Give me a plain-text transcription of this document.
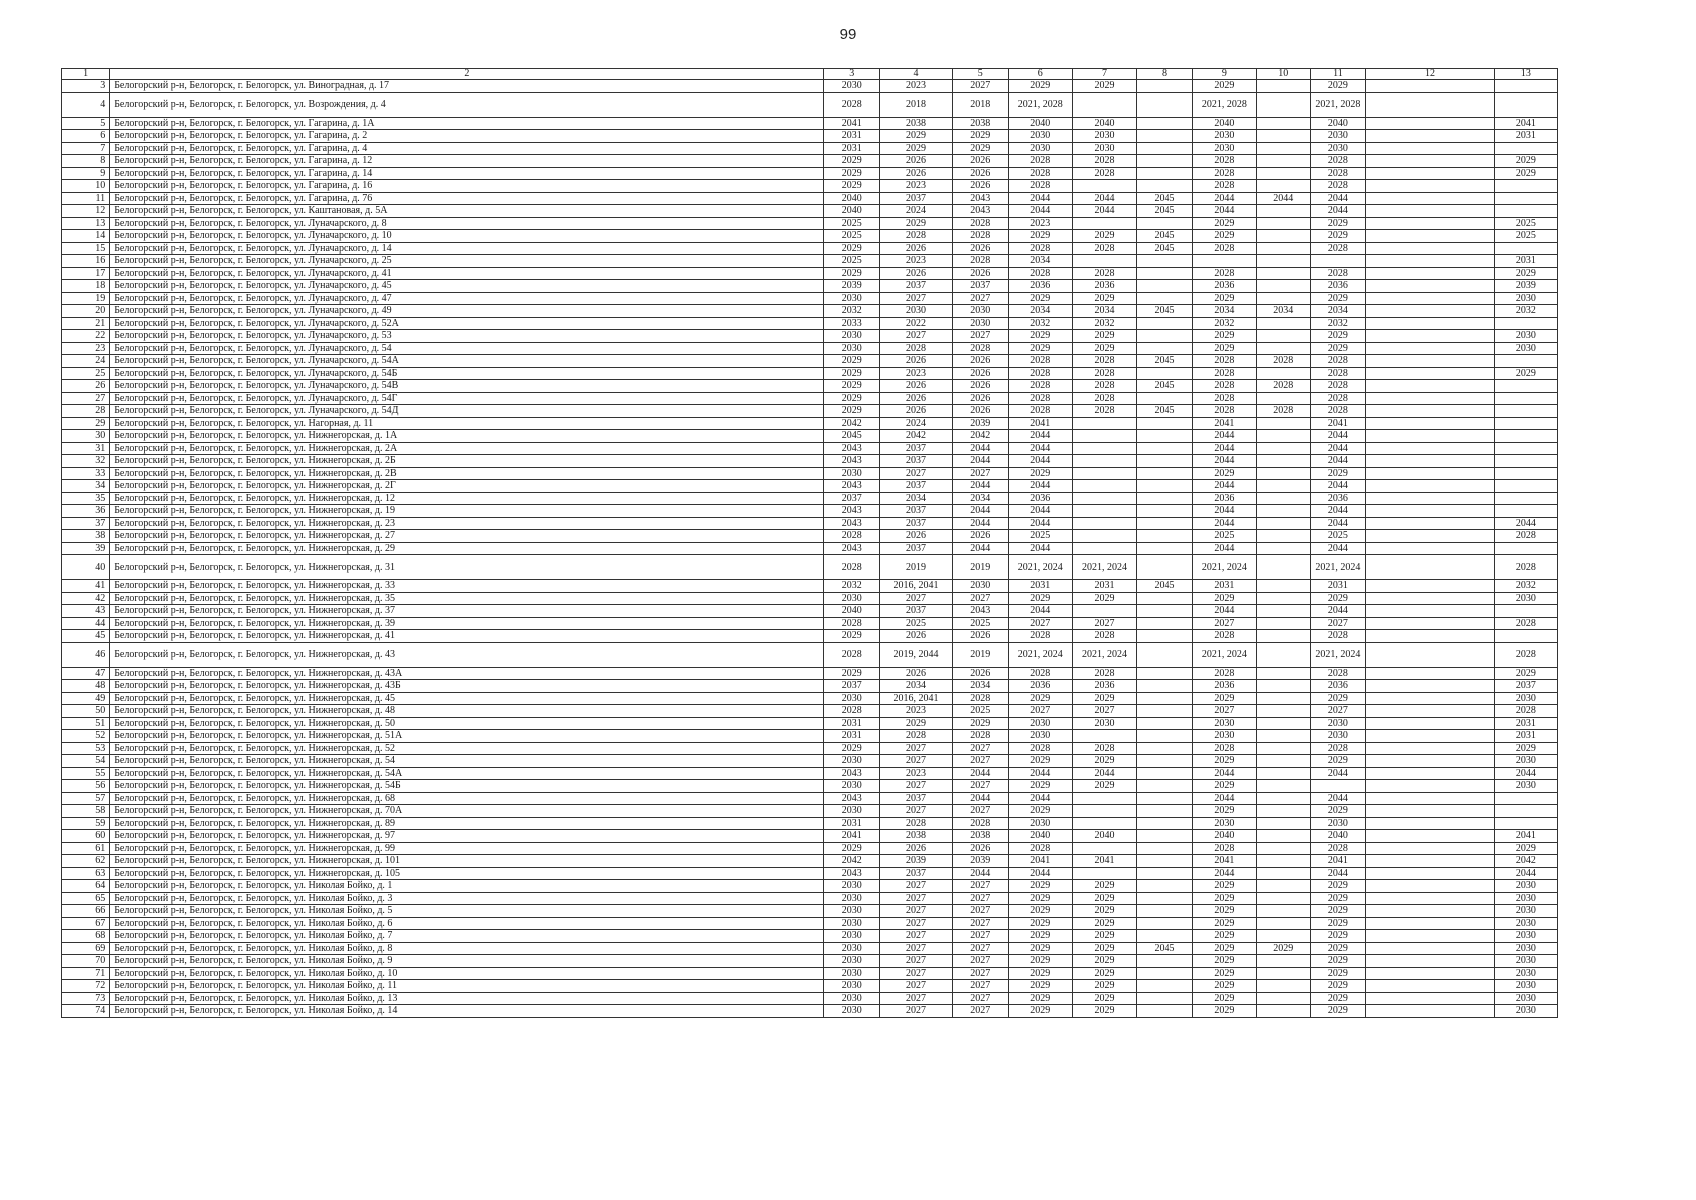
99
1	2	3	4	5	6	7	8	9	10	11	12	13
3	Белогорский р-н, Белогорск, г. Белогорск, ул. Виноградная, д. 17	2030	2023	2027	2029	2029		2029		2029		
4	Белогорский р-н, Белогорск, г. Белогорск, ул. Возрождения, д. 4	2028	2018	2018	2021, 2028			2021, 2028		2021, 2028		
5	Белогорский р-н, Белогорск, г. Белогорск, ул. Гагарина, д. 1А	2041	2038	2038	2040	2040		2040		2040		2041
6	Белогорский р-н, Белогорск, г. Белогорск, ул. Гагарина, д. 2	2031	2029	2029	2030	2030		2030		2030		2031
7	Белогорский р-н, Белогорск, г. Белогорск, ул. Гагарина, д. 4	2031	2029	2029	2030	2030		2030		2030		
8	Белогорский р-н, Белогорск, г. Белогорск, ул. Гагарина, д. 12	2029	2026	2026	2028	2028		2028		2028		2029
9	Белогорский р-н, Белогорск, г. Белогорск, ул. Гагарина, д. 14	2029	2026	2026	2028	2028		2028		2028		2029
10	Белогорский р-н, Белогорск, г. Белогорск, ул. Гагарина, д. 16	2029	2023	2026	2028			2028		2028		
11	Белогорский р-н, Белогорск, г. Белогорск, ул. Гагарина, д. 76	2040	2037	2043	2044	2044	2045	2044	2044	2044		
12	Белогорский р-н, Белогорск, г. Белогорск, ул. Каштановая, д. 5А	2040	2024	2043	2044	2044	2045	2044		2044		
13	Белогорский р-н, Белогорск, г. Белогорск, ул. Луначарского, д. 8	2025	2029	2028	2023			2029		2029		2025
14	Белогорский р-н, Белогорск, г. Белогорск, ул. Луначарского, д. 10	2025	2028	2028	2029	2029	2045	2029		2029		2025
15	Белогорский р-н, Белогорск, г. Белогорск, ул. Луначарского, д. 14	2029	2026	2026	2028	2028	2045	2028		2028		
16	Белогорский р-н, Белогорск, г. Белогорск, ул. Луначарского, д. 25	2025	2023	2028	2034							2031
17	Белогорский р-н, Белогорск, г. Белогорск, ул. Луначарского, д. 41	2029	2026	2026	2028	2028		2028		2028		2029
18	Белогорский р-н, Белогорск, г. Белогорск, ул. Луначарского, д. 45	2039	2037	2037	2036	2036		2036		2036		2039
19	Белогорский р-н, Белогорск, г. Белогорск, ул. Луначарского, д. 47	2030	2027	2027	2029	2029		2029		2029		2030
20	Белогорский р-н, Белогорск, г. Белогорск, ул. Луначарского, д. 49	2032	2030	2030	2034	2034	2045	2034	2034	2034		2032
21	Белогорский р-н, Белогорск, г. Белогорск, ул. Луначарского, д. 52А	2033	2022	2030	2032	2032		2032		2032		
22	Белогорский р-н, Белогорск, г. Белогорск, ул. Луначарского, д. 53	2030	2027	2027	2029	2029		2029		2029		2030
23	Белогорский р-н, Белогорск, г. Белогорск, ул. Луначарского, д. 54	2030	2028	2028	2029	2029		2029		2029		2030
24	Белогорский р-н, Белогорск, г. Белогорск, ул. Луначарского, д. 54А	2029	2026	2026	2028	2028	2045	2028	2028	2028		
25	Белогорский р-н, Белогорск, г. Белогорск, ул. Луначарского, д. 54Б	2029	2023	2026	2028	2028		2028		2028		2029
26	Белогорский р-н, Белогорск, г. Белогорск, ул. Луначарского, д. 54В	2029	2026	2026	2028	2028	2045	2028	2028	2028		
27	Белогорский р-н, Белогорск, г. Белогорск, ул. Луначарского, д. 54Г	2029	2026	2026	2028	2028		2028		2028		
28	Белогорский р-н, Белогорск, г. Белогорск, ул. Луначарского, д. 54Д	2029	2026	2026	2028	2028	2045	2028	2028	2028		
29	Белогорский р-н, Белогорск, г. Белогорск, ул. Нагорная, д. 11	2042	2024	2039	2041			2041		2041		
30	Белогорский р-н, Белогорск, г. Белогорск, ул. Нижнегорская, д. 1А	2045	2042	2042	2044			2044		2044		
31	Белогорский р-н, Белогорск, г. Белогорск, ул. Нижнегорская, д. 2А	2043	2037	2044	2044			2044		2044		
32	Белогорский р-н, Белогорск, г. Белогорск, ул. Нижнегорская, д. 2Б	2043	2037	2044	2044			2044		2044		
33	Белогорский р-н, Белогорск, г. Белогорск, ул. Нижнегорская, д. 2В	2030	2027	2027	2029			2029		2029		
34	Белогорский р-н, Белогорск, г. Белогорск, ул. Нижнегорская, д. 2Г	2043	2037	2044	2044			2044		2044		
35	Белогорский р-н, Белогорск, г. Белогорск, ул. Нижнегорская, д. 12	2037	2034	2034	2036			2036		2036		
36	Белогорский р-н, Белогорск, г. Белогорск, ул. Нижнегорская, д. 19	2043	2037	2044	2044			2044		2044		
37	Белогорский р-н, Белогорск, г. Белогорск, ул. Нижнегорская, д. 23	2043	2037	2044	2044			2044		2044		2044
38	Белогорский р-н, Белогорск, г. Белогорск, ул. Нижнегорская, д. 27	2028	2026	2026	2025			2025		2025		2028
39	Белогорский р-н, Белогорск, г. Белогорск, ул. Нижнегорская, д. 29	2043	2037	2044	2044			2044		2044		
40	Белогорский р-н, Белогорск, г. Белогорск, ул. Нижнегорская, д. 31	2028	2019	2019	2021, 2024	2021, 2024		2021, 2024		2021, 2024		2028
41	Белогорский р-н, Белогорск, г. Белогорск, ул. Нижнегорская, д. 33	2032	2016, 2041	2030	2031	2031	2045	2031		2031		2032
42	Белогорский р-н, Белогорск, г. Белогорск, ул. Нижнегорская, д. 35	2030	2027	2027	2029	2029		2029		2029		2030
43	Белогорский р-н, Белогорск, г. Белогорск, ул. Нижнегорская, д. 37	2040	2037	2043	2044			2044		2044		
44	Белогорский р-н, Белогорск, г. Белогорск, ул. Нижнегорская, д. 39	2028	2025	2025	2027	2027		2027		2027		2028
45	Белогорский р-н, Белогорск, г. Белогорск, ул. Нижнегорская, д. 41	2029	2026	2026	2028	2028		2028		2028		
46	Белогорский р-н, Белогорск, г. Белогорск, ул. Нижнегорская, д. 43	2028	2019, 2044	2019	2021, 2024	2021, 2024		2021, 2024		2021, 2024		2028
47	Белогорский р-н, Белогорск, г. Белогорск, ул. Нижнегорская, д. 43А	2029	2026	2026	2028	2028		2028		2028		2029
48	Белогорский р-н, Белогорск, г. Белогорск, ул. Нижнегорская, д. 43Б	2037	2034	2034	2036	2036		2036		2036		2037
49	Белогорский р-н, Белогорск, г. Белогорск, ул. Нижнегорская, д. 45	2030	2016, 2041	2028	2029	2029		2029		2029		2030
50	Белогорский р-н, Белогорск, г. Белогорск, ул. Нижнегорская, д. 48	2028	2023	2025	2027	2027		2027		2027		2028
51	Белогорский р-н, Белогорск, г. Белогорск, ул. Нижнегорская, д. 50	2031	2029	2029	2030	2030		2030		2030		2031
52	Белогорский р-н, Белогорск, г. Белогорск, ул. Нижнегорская, д. 51А	2031	2028	2028	2030			2030		2030		2031
53	Белогорский р-н, Белогорск, г. Белогорск, ул. Нижнегорская, д. 52	2029	2027	2027	2028	2028		2028		2028		2029
54	Белогорский р-н, Белогорск, г. Белогорск, ул. Нижнегорская, д. 54	2030	2027	2027	2029	2029		2029		2029		2030
55	Белогорский р-н, Белогорск, г. Белогорск, ул. Нижнегорская, д. 54А	2043	2023	2044	2044	2044		2044		2044		2044
56	Белогорский р-н, Белогорск, г. Белогорск, ул. Нижнегорская, д. 54Б	2030	2027	2027	2029	2029		2029				2030
57	Белогорский р-н, Белогорск, г. Белогорск, ул. Нижнегорская, д. 68	2043	2037	2044	2044			2044		2044		
58	Белогорский р-н, Белогорск, г. Белогорск, ул. Нижнегорская, д. 70А	2030	2027	2027	2029			2029		2029		
59	Белогорский р-н, Белогорск, г. Белогорск, ул. Нижнегорская, д. 89	2031	2028	2028	2030			2030		2030		
60	Белогорский р-н, Белогорск, г. Белогорск, ул. Нижнегорская, д. 97	2041	2038	2038	2040	2040		2040		2040		2041
61	Белогорский р-н, Белогорск, г. Белогорск, ул. Нижнегорская, д. 99	2029	2026	2026	2028			2028		2028		2029
62	Белогорский р-н, Белогорск, г. Белогорск, ул. Нижнегорская, д. 101	2042	2039	2039	2041	2041		2041		2041		2042
63	Белогорский р-н, Белогорск, г. Белогорск, ул. Нижнегорская, д. 105	2043	2037	2044	2044			2044		2044		2044
64	Белогорский р-н, Белогорск, г. Белогорск, ул. Николая Бойко, д. 1	2030	2027	2027	2029	2029		2029		2029		2030
65	Белогорский р-н, Белогорск, г. Белогорск, ул. Николая Бойко, д. 3	2030	2027	2027	2029	2029		2029		2029		2030
66	Белогорский р-н, Белогорск, г. Белогорск, ул. Николая Бойко, д. 5	2030	2027	2027	2029	2029		2029		2029		2030
67	Белогорский р-н, Белогорск, г. Белогорск, ул. Николая Бойко, д. 6	2030	2027	2027	2029	2029		2029		2029		2030
68	Белогорский р-н, Белогорск, г. Белогорск, ул. Николая Бойко, д. 7	2030	2027	2027	2029	2029		2029		2029		2030
69	Белогорский р-н, Белогорск, г. Белогорск, ул. Николая Бойко, д. 8	2030	2027	2027	2029	2029	2045	2029	2029	2029		2030
70	Белогорский р-н, Белогорск, г. Белогорск, ул. Николая Бойко, д. 9	2030	2027	2027	2029	2029		2029		2029		2030
71	Белогорский р-н, Белогорск, г. Белогорск, ул. Николая Бойко, д. 10	2030	2027	2027	2029	2029		2029		2029		2030
72	Белогорский р-н, Белогорск, г. Белогорск, ул. Николая Бойко, д. 11	2030	2027	2027	2029	2029		2029		2029		2030
73	Белогорский р-н, Белогорск, г. Белогорск, ул. Николая Бойко, д. 13	2030	2027	2027	2029	2029		2029		2029		2030
74	Белогорский р-н, Белогорск, г. Белогорск, ул. Николая Бойко, д. 14	2030	2027	2027	2029	2029		2029		2029		2030
